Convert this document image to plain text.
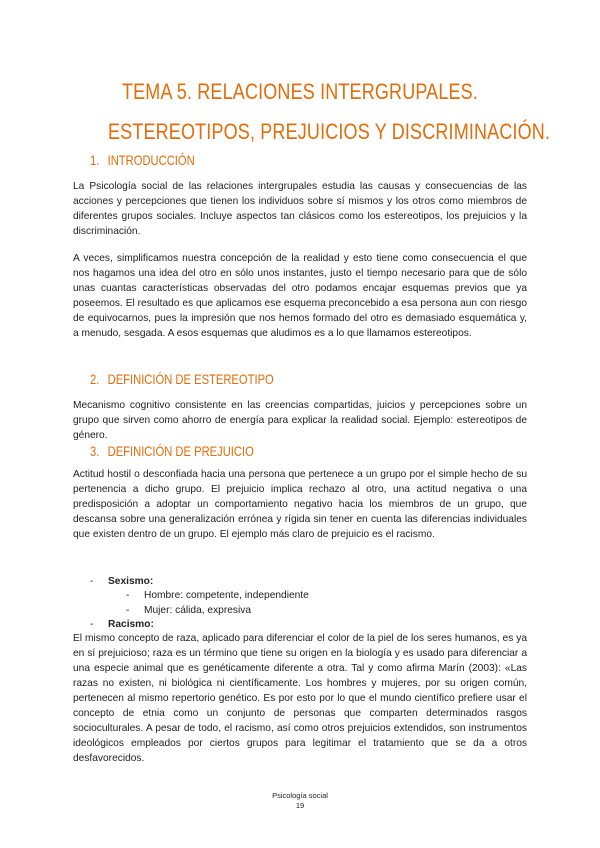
TEMA 5. RELACIONES INTERGRUPALES.
ESTEREOTIPOS, PREJUICIOS Y DISCRIMINACIÓN.
1. INTRODUCCIÓN

La Psicología social de las relaciones intergrupales estudia las causas y consecuencias de las acciones y percepciones que tienen los individuos sobre sí mismos y los otros como miembros de diferentes grupos sociales. Incluye aspectos tan clásicos como los estereotipos, los prejuicios y la discriminación.

A veces, simplificamos nuestra concepción de la realidad y esto tiene como consecuencia el que nos hagamos una idea del otro en sólo unos instantes, justo el tiempo necesario para que de sólo unas cuantas características observadas del otro podamos encajar esquemas previos que ya poseemos. El resultado es que aplicamos ese esquema preconcebido a esa persona aun con riesgo de equivocarnos, pues la impresión que nos hemos formado del otro es demasiado esquemática y, a menudo, sesgada. A esos esquemas que aludimos es a lo que llamamos estereotipos.

2. DEFINICIÓN DE ESTEREOTIPO

Mecanismo cognitivo consistente en las creencias compartidas, juicios y percepciones sobre un grupo que sirven como ahorro de energía para explicar la realidad social. Ejemplo: estereotipos de género.

3. DEFINICIÓN DE PREJUICIO

Actitud hostil o desconfiada hacia una persona que pertenece a un grupo por el simple hecho de su pertenencia a dicho grupo. El prejuicio implica rechazo al otro, una actitud negativa o una predisposición a adoptar un comportamiento negativo hacia los miembros de un grupo, que descansa sobre una generalización errónea y rígida sin tener en cuenta las diferencias individuales que existen dentro de un grupo. El ejemplo más claro de prejuicio es el racismo.

- Sexismo:
- Hombre: competente, independiente
- Mujer: cálida, expresiva
- Racismo:

El mismo concepto de raza, aplicado para diferenciar el color de la piel de los seres humanos, es ya en sí prejuicioso; raza es un término que tiene su origen en la biología y es usado para diferenciar a una especie animal que es genéticamente diferente a otra. Tal y como afirma Marín (2003): «Las razas no existen, ni biológica ni científicamente. Los hombres y mujeres, por su origen común, pertenecen al mismo repertorio genético. Es por esto por lo que el mundo científico prefiere usar el concepto de etnia como un conjunto de personas que comparten determinados rasgos socioculturales. A pesar de todo, el racismo, así como otros prejuicios extendidos, son instrumentos ideológicos empleados por ciertos grupos para legitimar el tratamiento que se da a otros desfavorecidos.

Psicología social
19
